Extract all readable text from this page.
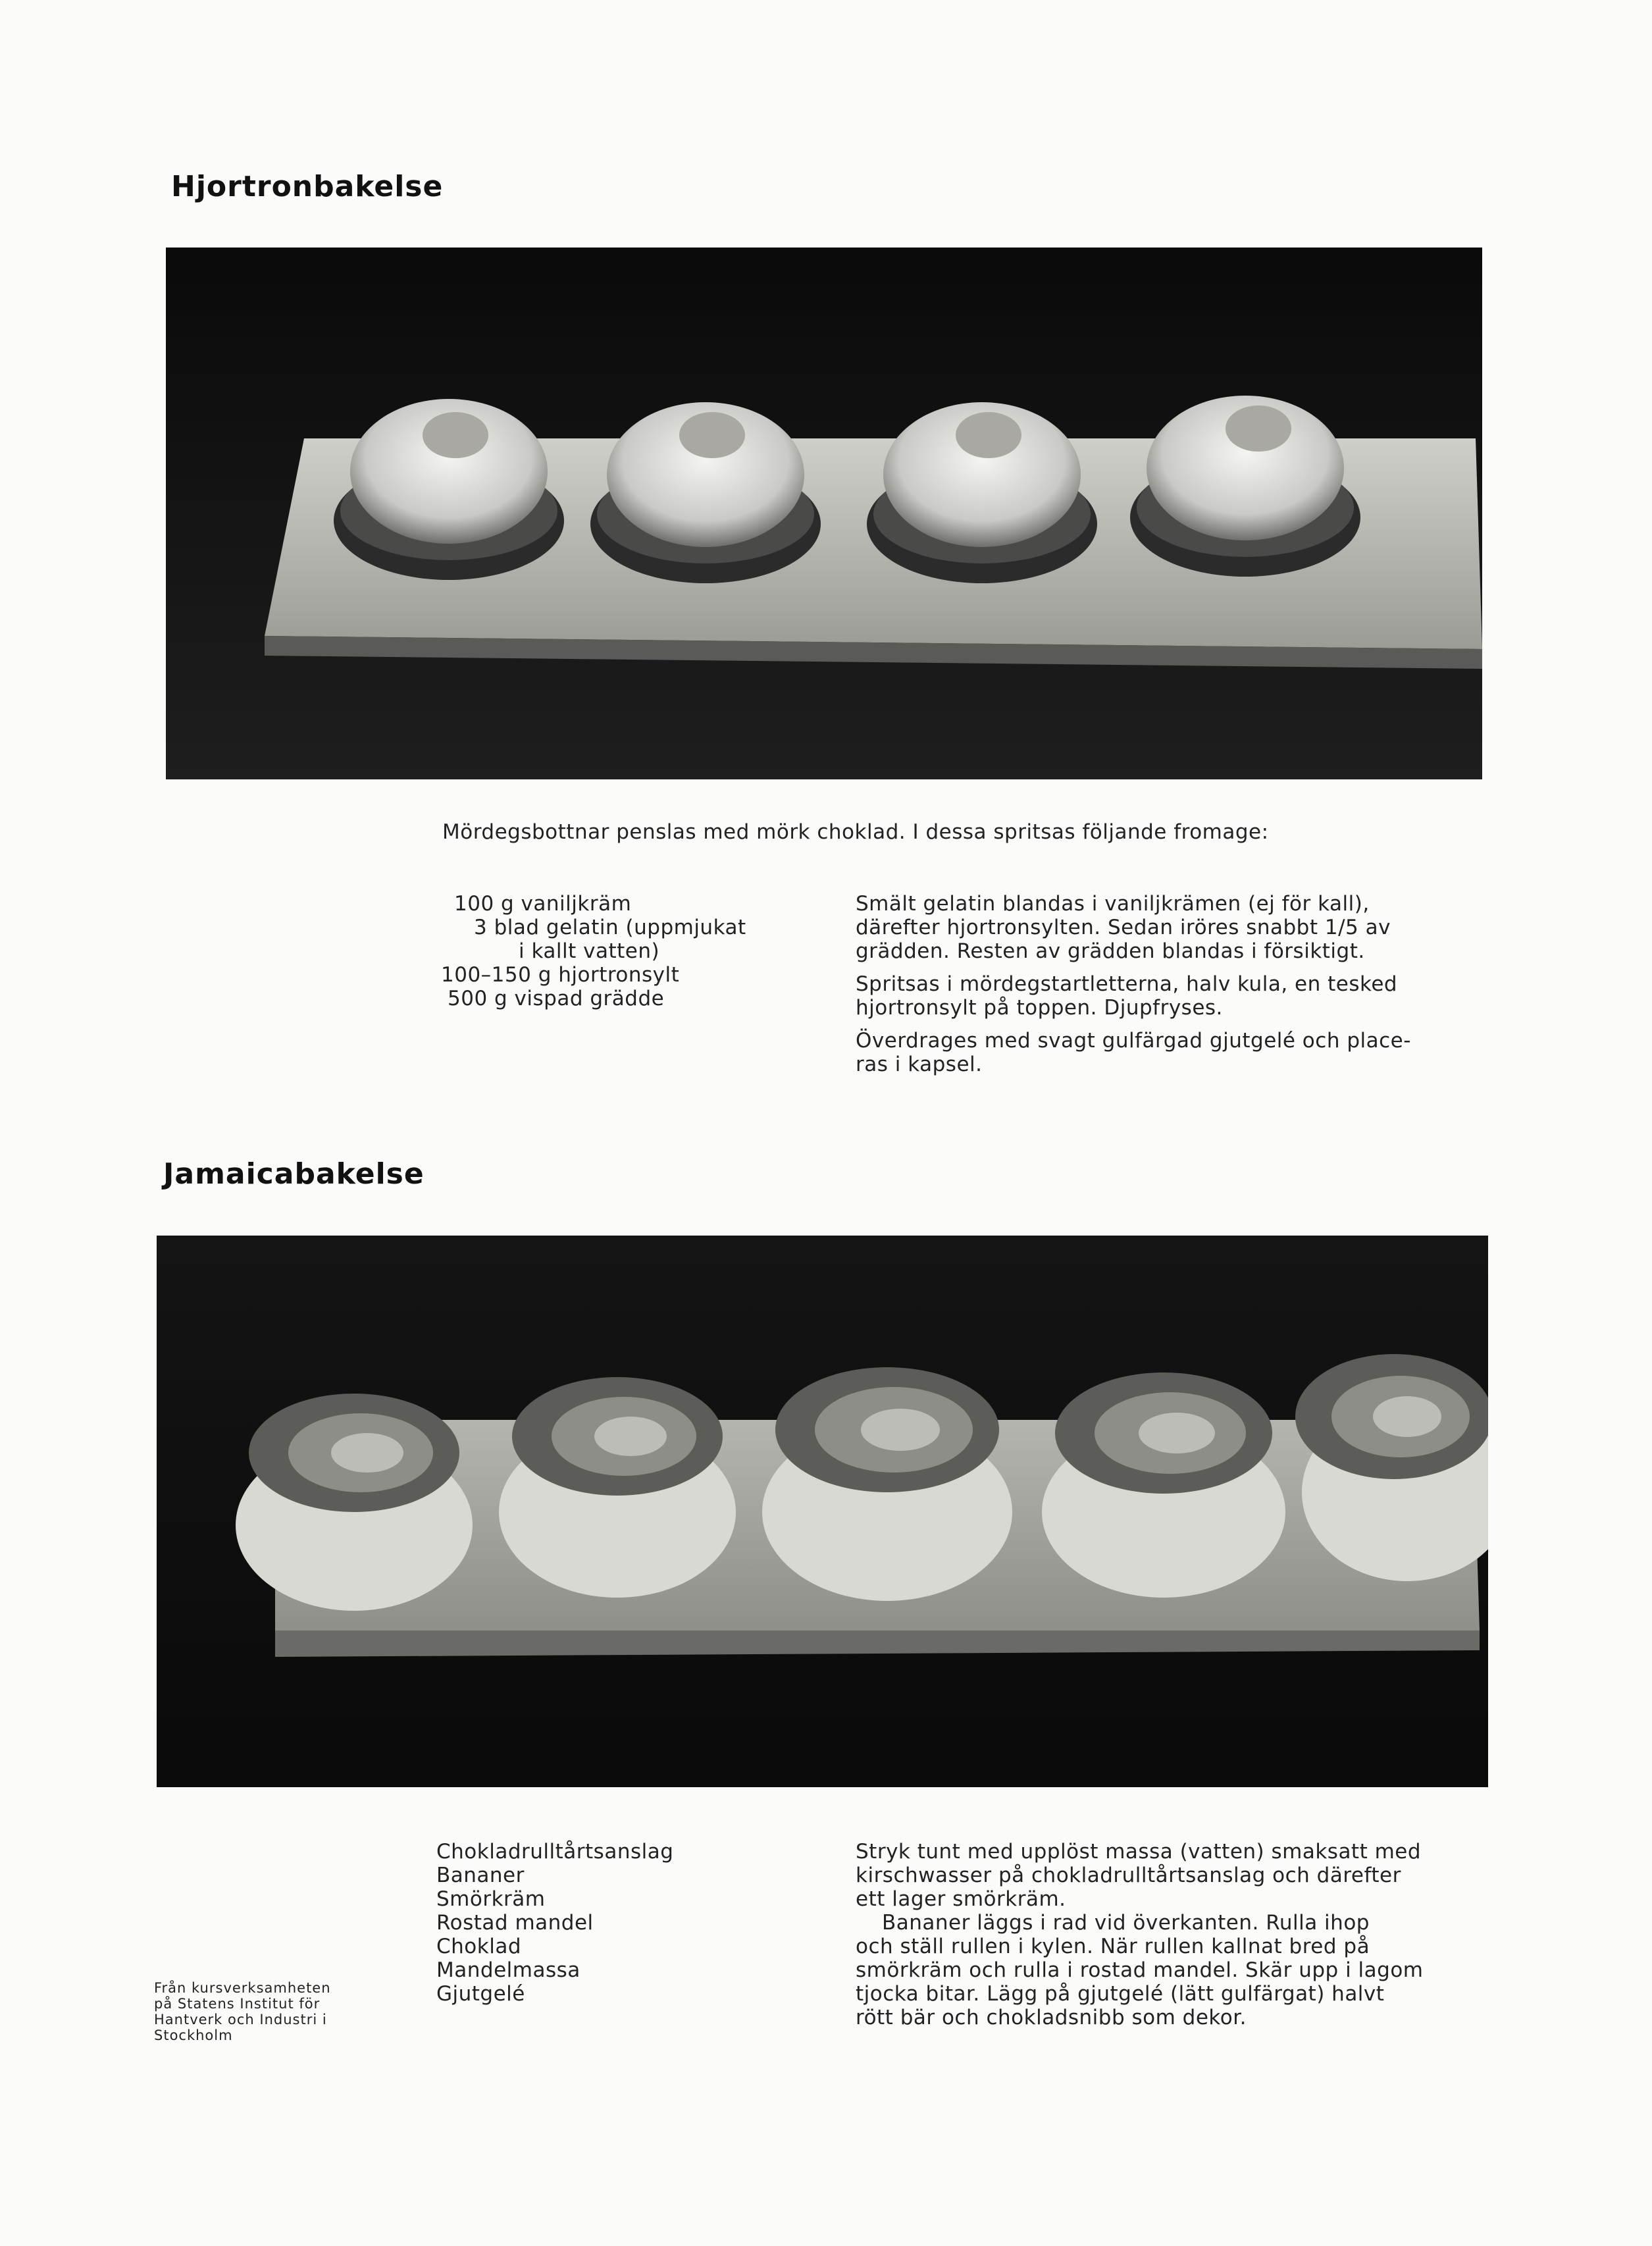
Hjortronbakelse
Mördegsbottnar penslas med mörk choklad. I dessa spritsas följande fromage:
100 g vaniljkräm
3 blad gelatin (uppmjukat
i kallt vatten)
100–150 g hjortronsylt
500 g vispad grädde
Smält gelatin blandas i vaniljkrämen (ej för kall),
därefter hjortronsylten. Sedan iröres snabbt 1/5 av
grädden. Resten av grädden blandas i försiktigt.
Spritsas i mördegstartletterna, halv kula, en tesked
hjortronsylt på toppen. Djupfryses.
Överdrages med svagt gulfärgad gjutgelé och place-
ras i kapsel.
Jamaicabakelse
Chokladrulltårtsanslag
Bananer
Smörkräm
Rostad mandel
Choklad
Mandelmassa
Gjutgelé
Stryk tunt med upplöst massa (vatten) smaksatt med
kirschwasser på chokladrulltårtsanslag och därefter
ett lager smörkräm.
Bananer läggs i rad vid överkanten. Rulla ihop
och ställ rullen i kylen. När rullen kallnat bred på
smörkräm och rulla i rostad mandel. Skär upp i lagom
tjocka bitar. Lägg på gjutgelé (lätt gulfärgat) halvt
rött bär och chokladsnibb som dekor.
Från kursverksamheten
på Statens Institut för
Hantverk och Industri i
Stockholm
